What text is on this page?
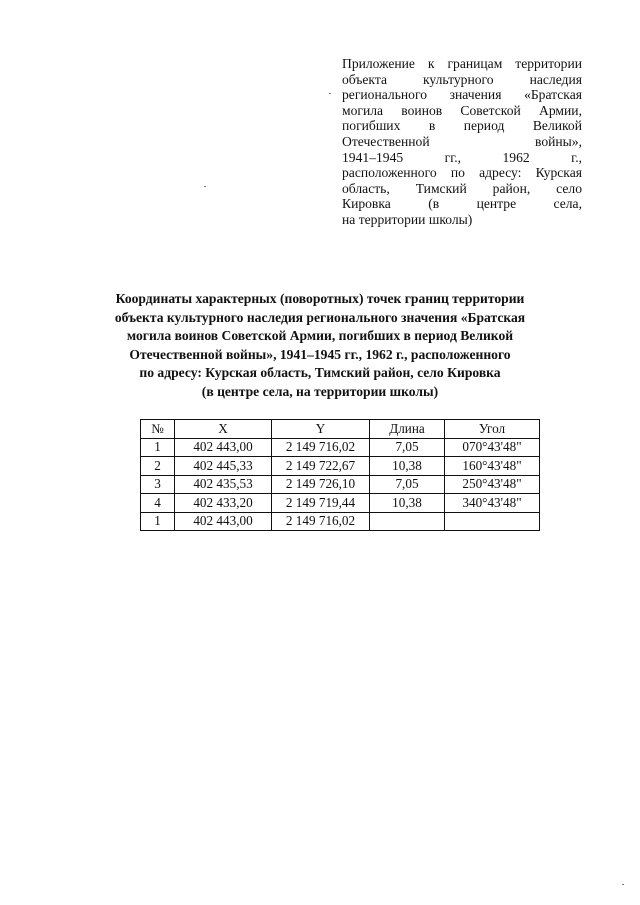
Приложение к границам территории
объекта культурного наследия
регионального значения «Братская
могила воинов Советской Армии,
погибших в период Великой
Отечественной войны»,
1941–1945 гг., 1962 г.,
расположенного по адресу: Курская
область, Тимский район, село
Кировка (в центре села,
на территории школы)
Координаты характерных (поворотных) точек границ территории
объекта культурного наследия регионального значения «Братская
могила воинов Советской Армии, погибших в период Великой
Отечественной войны», 1941–1945 гг., 1962 г., расположенного
по адресу: Курская область, Тимский район, село Кировка
(в центре села, на территории школы)
№	X	Y	Длина	Угол
1	402 443,00	2 149 716,02	7,05	070°43'48"
2	402 445,33	2 149 722,67	10,38	160°43'48"
3	402 435,53	2 149 726,10	7,05	250°43'48"
4	402 433,20	2 149 719,44	10,38	340°43'48"
1	402 443,00	2 149 716,02		
